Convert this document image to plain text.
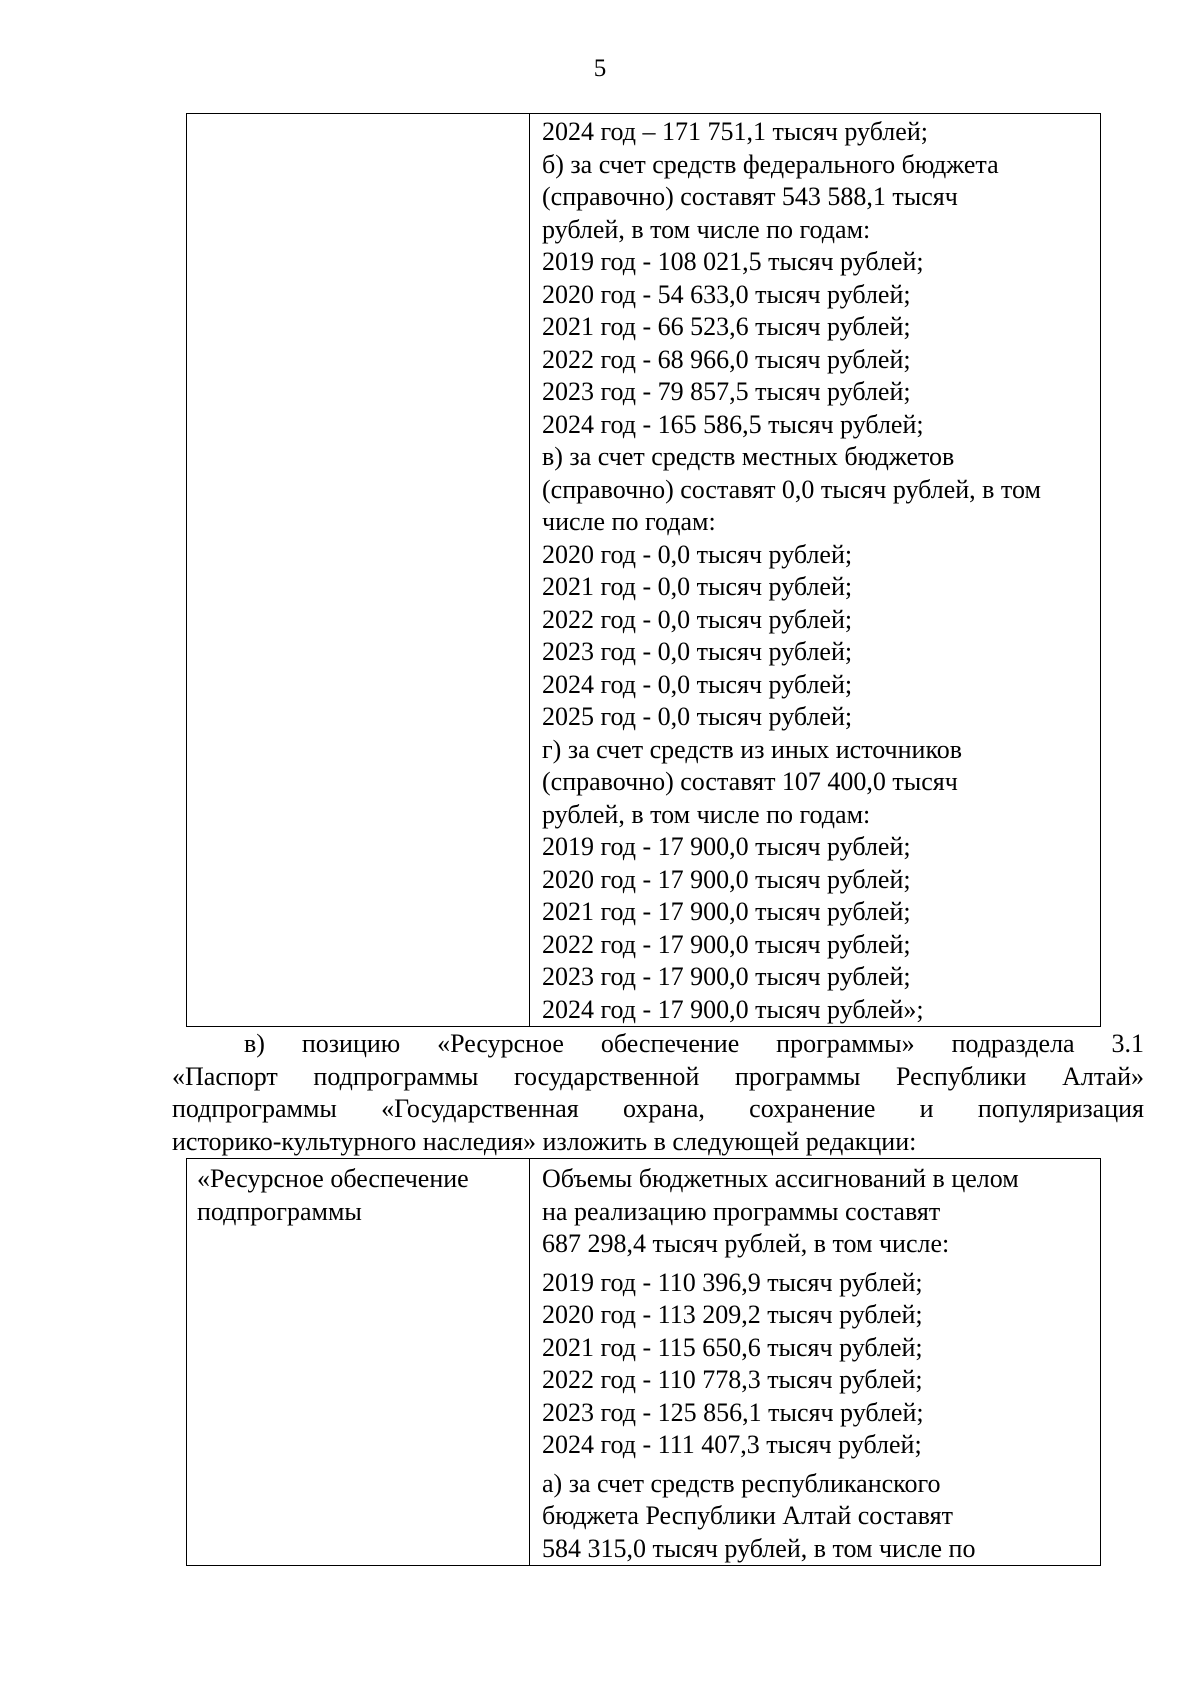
5

2024 год – 171 751,1 тысяч рублей;
б) за счет средств федерального бюджета
(справочно) составят 543 588,1 тысяч
рублей, в том числе по годам:
2019 год - 108 021,5 тысяч рублей;
2020 год - 54 633,0 тысяч рублей;
2021 год - 66 523,6 тысяч рублей;
2022 год - 68 966,0 тысяч рублей;
2023 год - 79 857,5 тысяч рублей;
2024 год - 165 586,5 тысяч рублей;
в) за счет средств местных бюджетов
(справочно) составят 0,0 тысяч рублей, в том
числе по годам:
2020 год - 0,0 тысяч рублей;
2021 год - 0,0 тысяч рублей;
2022 год - 0,0 тысяч рублей;
2023 год - 0,0 тысяч рублей;
2024 год - 0,0 тысяч рублей;
2025 год - 0,0 тысяч рублей;
г) за счет средств из иных источников
(справочно) составят 107 400,0 тысяч
рублей, в том числе по годам:
2019 год - 17 900,0 тысяч рублей;
2020 год - 17 900,0 тысяч рублей;
2021 год - 17 900,0 тысяч рублей;
2022 год - 17 900,0 тысяч рублей;
2023 год - 17 900,0 тысяч рублей;
2024 год - 17 900,0 тысяч рублей»;
в) позицию «Ресурсное обеспечение программы» подраздела 3.1
«Паспорт подпрограммы государственной программы Республики Алтай»
подпрограммы «Государственная охрана, сохранение и популяризация
историко-культурного наследия» изложить в следующей редакции:
«Ресурсное обеспечение
подпрограммы

Объемы бюджетных ассигнований в целом
на реализацию программы составят
687 298,4 тысяч рублей, в том числе:
2019 год - 110 396,9 тысяч рублей;
2020 год - 113 209,2 тысяч рублей;
2021 год - 115 650,6 тысяч рублей;
2022 год - 110 778,3 тысяч рублей;
2023 год - 125 856,1 тысяч рублей;
2024 год - 111 407,3 тысяч рублей;
а) за счет средств республиканского
бюджета Республики Алтай составят
584 315,0 тысяч рублей, в том числе по
